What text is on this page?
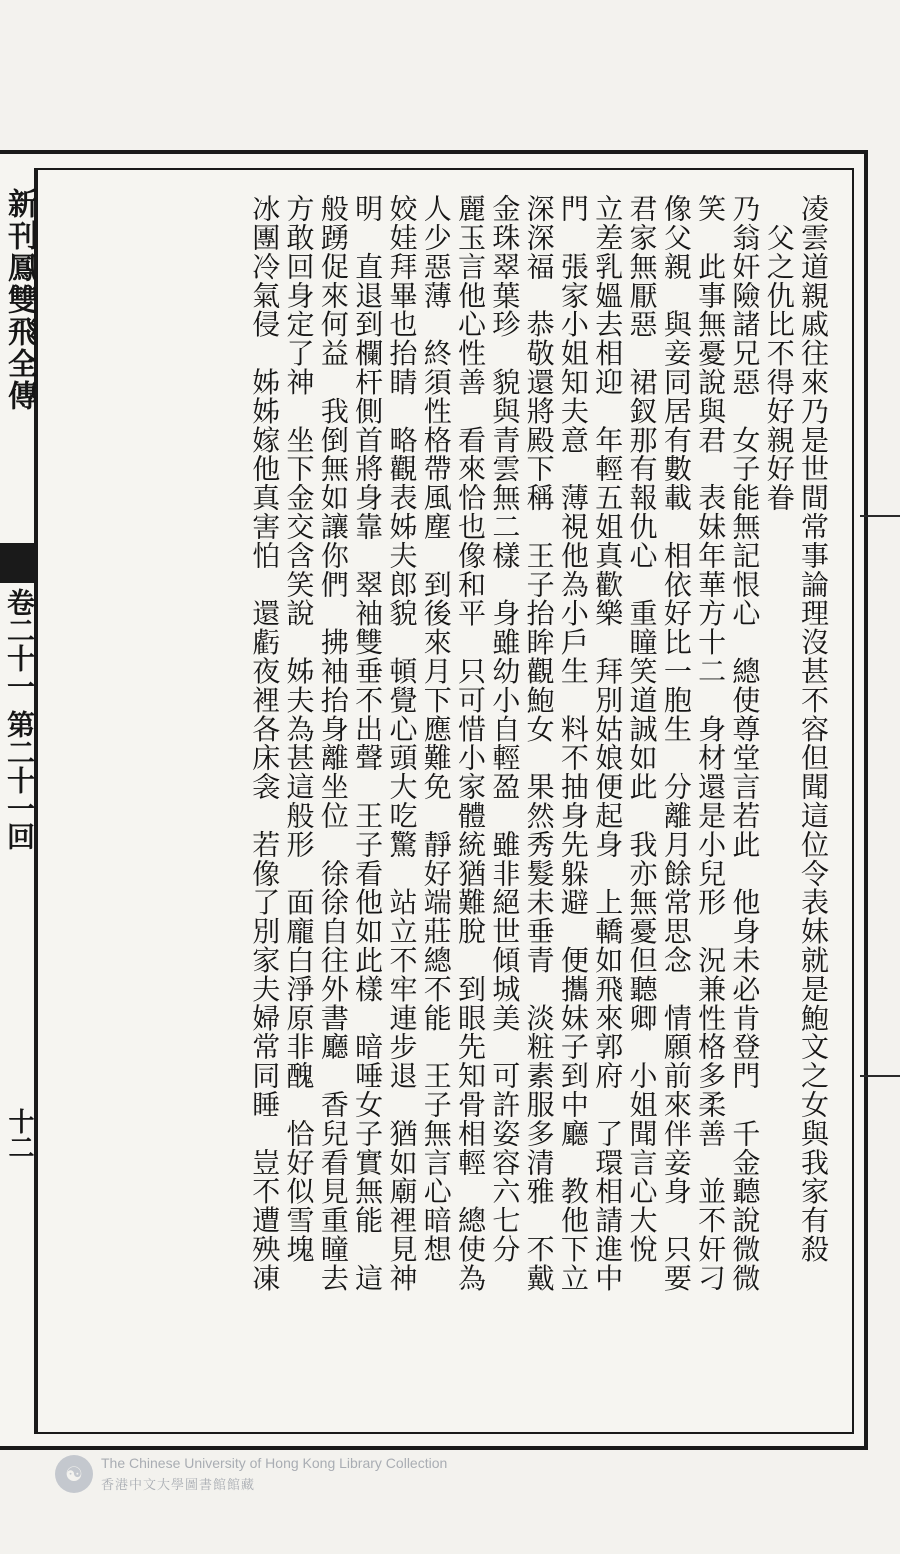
新刊鳳雙飛全傳
卷二十一 第二十一回
十二	凌雲道親戚往來乃是世間常事論理沒甚不容但聞這位令表妹就是鮑文之女與我家有殺

　父之仇比不得好親好眷

乃翁奸險諸兄惡　女子能無記恨心　總使尊堂言若此　他身未必肯登門　千金聽說微微

笑　此事無憂說與君　表妹年華方十二　身材還是小兒形　況兼性格多柔善　並不奸刁

像父親　與妾同居有數載　相依好比一胞生　分離月餘常思念　情願前來伴妾身　只要

君家無厭惡　裙釵那有報仇心　重瞳笑道誠如此　我亦無憂但聽卿　小姐聞言心大悅

立差乳媼去相迎　年輕五姐真歡樂　拜別姑娘便起身　上轎如飛來郭府　了環相請進中

門　張家小姐知夫意　薄視他為小戶生　料不抽身先躲避　便攜妹子到中廳　教他下立

深深福　恭敬還將殿下稱　王子抬眸觀鮑女　果然秀髮未垂青　淡粧素服多清雅　不戴

金珠翠葉珍　貌與青雲無二樣　身雖幼小自輕盈　雖非絕世傾城美　可許姿容六七分

麗玉言他心性善　看來恰也像和平　只可惜小家體統猶難脫　到眼先知骨相輕　總使為

人少惡薄　終須性格帶風塵　到後來月下應難免　靜好端莊總不能　王子無言心暗想

姣娃拜畢也抬睛　略觀表姊夫郎貌　頓覺心頭大吃驚　站立不牢連步退　猶如廟裡見神

明　直退到欄杆側首將身靠　翠袖雙垂不出聲　王子看他如此樣　暗唾女子實無能　這

般踴促來何益　我倒無如讓你們　拂袖抬身離坐位　徐徐自往外書廳　香兒看見重瞳去

方敢回身定了神　坐下金交含笑說　姊夫為甚這般形　面龐白淨原非醜　恰好似雪塊

冰團冷氣侵　姊姊嫁他真害怕　還虧夜裡各床衾　若像了別家夫婦常同睡　豈不遭殃凍

☯	The Chinese University of Hong Kong Library Collection
香港中文大學圖書館館藏
